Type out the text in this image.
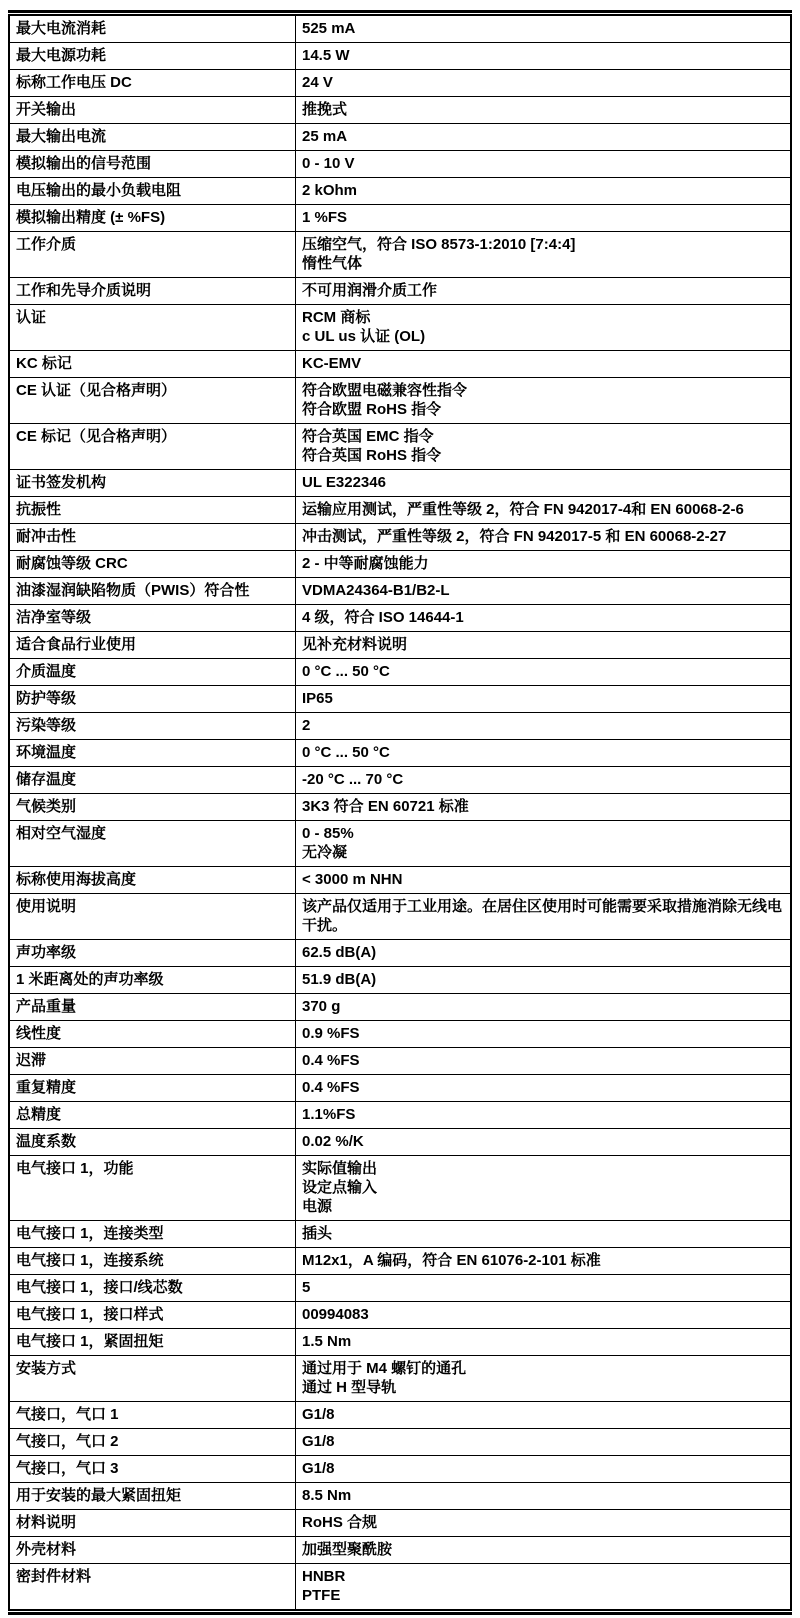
最大电流消耗	525 mA

最大电源功耗	14.5 W

标称工作电压 DC	24 V

开关输出	推挽式

最大输出电流	25 mA

模拟输出的信号范围	0 - 10 V

电压输出的最小负载电阻	2 kOhm

模拟输出精度 (± %FS)	1 %FS

工作介质	压缩空气，符合 ISO 8573-1:2010 [7:4:4]
惰性气体

工作和先导介质说明	不可用润滑介质工作

认证	RCM 商标
c UL us 认证 (OL)

KC 标记	KC-EMV

CE 认证（见合格声明）	符合欧盟电磁兼容性指令
符合欧盟 RoHS 指令

CE 标记（见合格声明）	符合英国 EMC 指令
符合英国 RoHS 指令

证书签发机构	UL E322346

抗振性	运输应用测试，严重性等级 2，符合 FN 942017-4和 EN 60068-2-6

耐冲击性	冲击测试，严重性等级 2，符合 FN 942017-5 和 EN 60068-2-27

耐腐蚀等级 CRC	2 - 中等耐腐蚀能力

油漆湿润缺陷物质（PWIS）符合性	VDMA24364-B1/B2-L

洁净室等级	4 级，符合 ISO 14644-1

适合食品行业使用	见补充材料说明

介质温度	0 °C ... 50 °C

防护等级	IP65

污染等级	2

环境温度	0 °C ... 50 °C

储存温度	-20 °C ... 70 °C

气候类别	3K3 符合 EN 60721 标准

相对空气湿度	0 - 85%
无冷凝

标称使用海拔高度	< 3000 m NHN

使用说明	该产品仅适用于工业用途。在居住区使用时可能需要采取措施消除无线电干扰。

声功率级	62.5 dB(A)

1 米距离处的声功率级	51.9 dB(A)

产品重量	370 g

线性度	0.9 %FS

迟滞	0.4 %FS

重复精度	0.4 %FS

总精度	1.1%FS

温度系数	0.02 %/K

电气接口 1，功能	实际值输出
设定点输入
电源

电气接口 1，连接类型	插头

电气接口 1，连接系统	M12x1，A 编码，符合 EN 61076-2-101 标准

电气接口 1，接口/线芯数	5

电气接口 1，接口样式	00994083

电气接口 1，紧固扭矩	1.5 Nm

安装方式	通过用于 M4 螺钉的通孔
通过 H 型导轨

气接口，气口 1	G1/8

气接口，气口 2	G1/8

气接口，气口 3	G1/8

用于安装的最大紧固扭矩	8.5 Nm

材料说明	RoHS 合规

外壳材料	加强型聚酰胺

密封件材料	HNBR
PTFE
